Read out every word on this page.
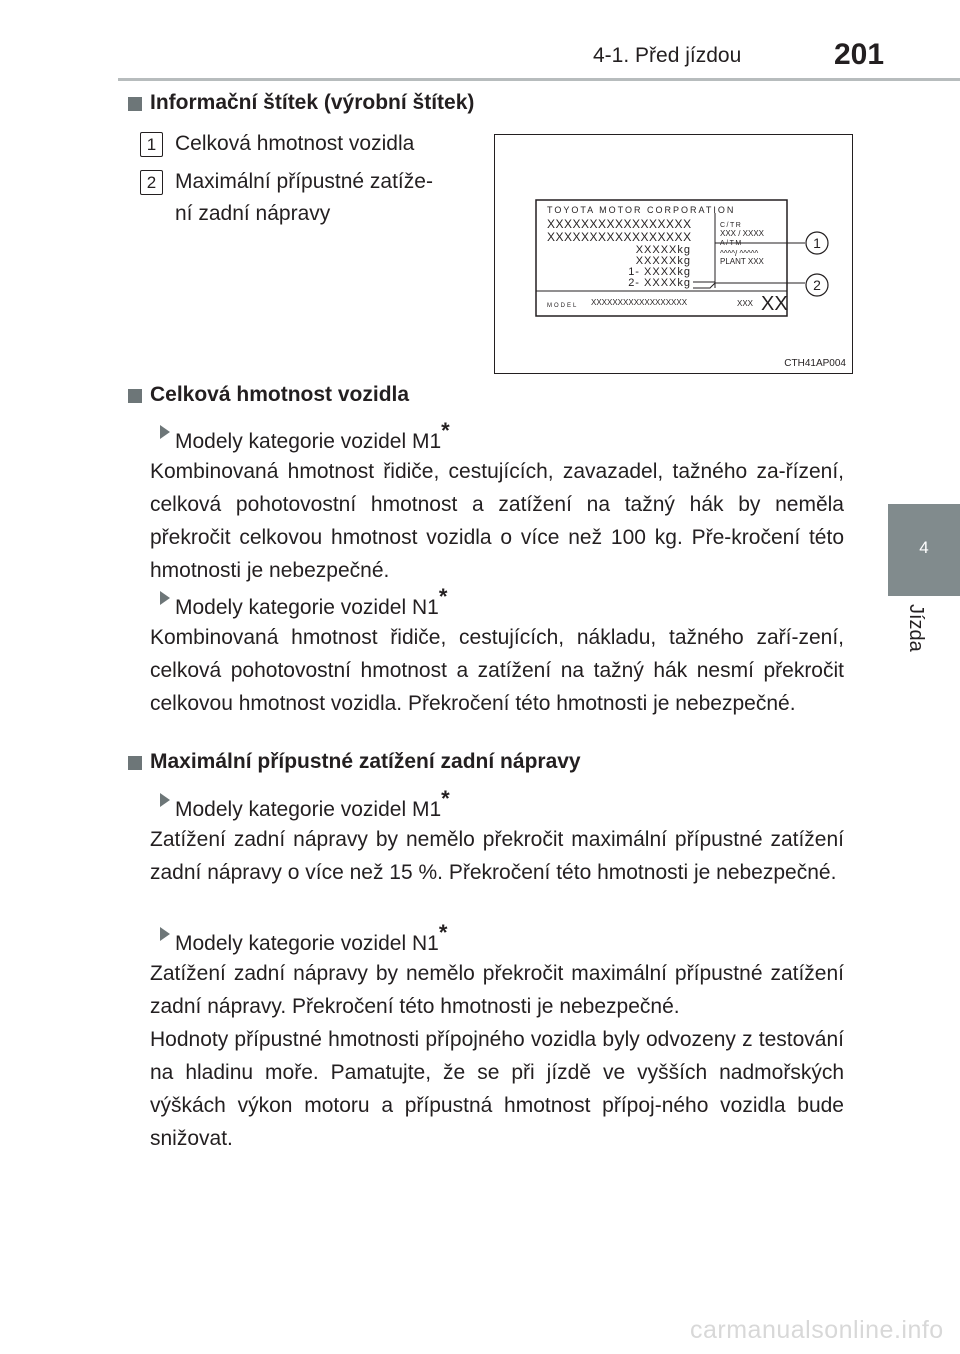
4-1. Před jízdou	201
4
Jízda
Informační štítek (výrobní štítek)
1 Celková hmotnost vozidla
2 Maximální přípustné zatíže-
ní zadní nápravy	TOYOTA MOTOR CORPORATION
XXXXXXXXXXXXXXXXX
XXXXXXXXXXXXXXXXX
XXXXXkg
XXXXXkg
1- XXXXkg
2- XXXXkg
C/TR
XXX / XXXX
A/TM
^^^^/ ^^^^^
PLANT XXX
MODEL XXXXXXXXXXXXXXXXXX	XXX XX
1
2
CTH41AP004
Celková hmotnost vozidla
Modely kategorie vozidel M1*
Kombinovaná hmotnost řidiče, cestujících, zavazadel, tažného za-řízení, celková pohotovostní hmotnost a zatížení na tažný hák by neměla překročit celkovou hmotnost vozidla o více než 100 kg. Pře-kročení této hmotnosti je nebezpečné.
Modely kategorie vozidel N1*
Kombinovaná hmotnost řidiče, cestujících, nákladu, tažného zaří-zení, celková pohotovostní hmotnost a zatížení na tažný hák nesmí překročit celkovou hmotnost vozidla. Překročení této hmotnosti je nebezpečné.
Maximální přípustné zatížení zadní nápravy
Modely kategorie vozidel M1*
Zatížení zadní nápravy by nemělo překročit maximální přípustné zatížení zadní nápravy o více než 15 %. Překročení této hmotnosti je nebezpečné.
Modely kategorie vozidel N1*
Zatížení zadní nápravy by nemělo překročit maximální přípustné zatížení zadní nápravy. Překročení této hmotnosti je nebezpečné.
Hodnoty přípustné hmotnosti přípojného vozidla byly odvozeny z testování na hladinu moře. Pamatujte, že se při jízdě ve vyšších nadmořských výškách výkon motoru a přípustná hmotnost přípoj-ného vozidla bude snižovat.
carmanualsonline.info
